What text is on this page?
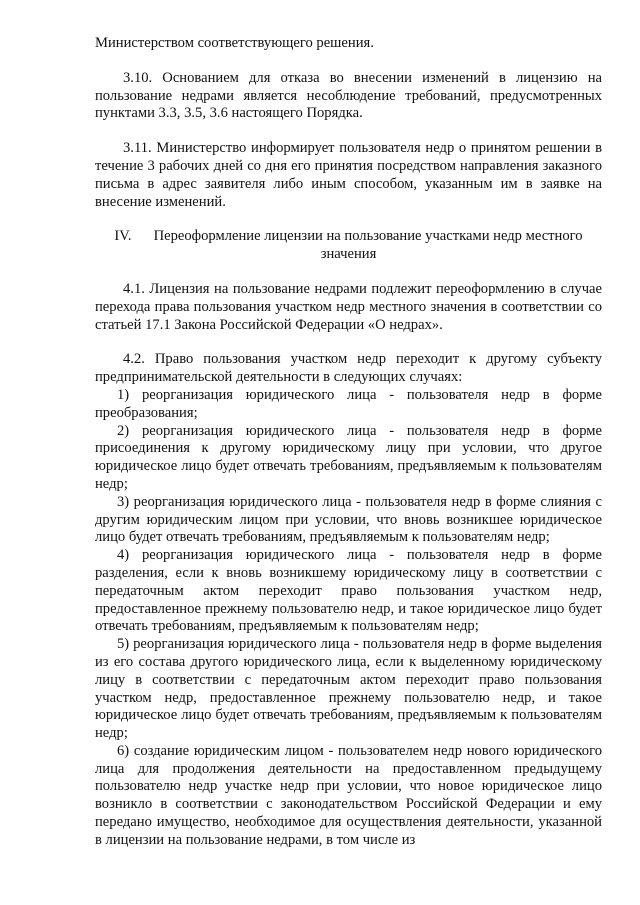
Министерством соответствующего решения.

3.10. Основанием для отказа во внесении изменений в лицензию на пользование недрами является несоблюдение требований, предусмотренных пунктами 3.3, 3.5, 3.6 настоящего Порядка.

3.11. Министерство информирует пользователя недр о принятом решении в течение 3 рабочих дней со дня его принятия посредством направления заказного письма в адрес заявителя либо иным способом, указанным им в заявке на внесение изменений.

IV. Переоформление лицензии на пользование участками недр местного значения

4.1. Лицензия на пользование недрами подлежит переоформлению в случае перехода права пользования участком недр местного значения в соответствии со статьей 17.1 Закона Российской Федерации «О недрах».

4.2. Право пользования участком недр переходит к другому субъекту предпринимательской деятельности в следующих случаях:

1) реорганизация юридического лица - пользователя недр в форме преобразования;

2) реорганизация юридического лица - пользователя недр в форме присоединения к другому юридическому лицу при условии, что другое юридическое лицо будет отвечать требованиям, предъявляемым к пользователям недр;

3) реорганизация юридического лица - пользователя недр в форме слияния с другим юридическим лицом при условии, что вновь возникшее юридическое лицо будет отвечать требованиям, предъявляемым к пользователям недр;

4) реорганизация юридического лица - пользователя недр в форме разделения, если к вновь возникшему юридическому лицу в соответствии с передаточным актом переходит право пользования участком недр, предоставленное прежнему пользователю недр, и такое юридическое лицо будет отвечать требованиям, предъявляемым к пользователям недр;

5) реорганизация юридического лица - пользователя недр в форме выделения из его состава другого юридического лица, если к выделенному юридическому лицу в соответствии с передаточным актом переходит право пользования участком недр, предоставленное прежнему пользователю недр, и такое юридическое лицо будет отвечать требованиям, предъявляемым к пользователям недр;

6) создание юридическим лицом - пользователем недр нового юридического лица для продолжения деятельности на предоставленном предыдущему пользователю недр участке недр при условии, что новое юридическое лицо возникло в соответствии с законодательством Российской Федерации и ему передано имущество, необходимое для осуществления деятельности, указанной в лицензии на пользование недрами, в том числе из
